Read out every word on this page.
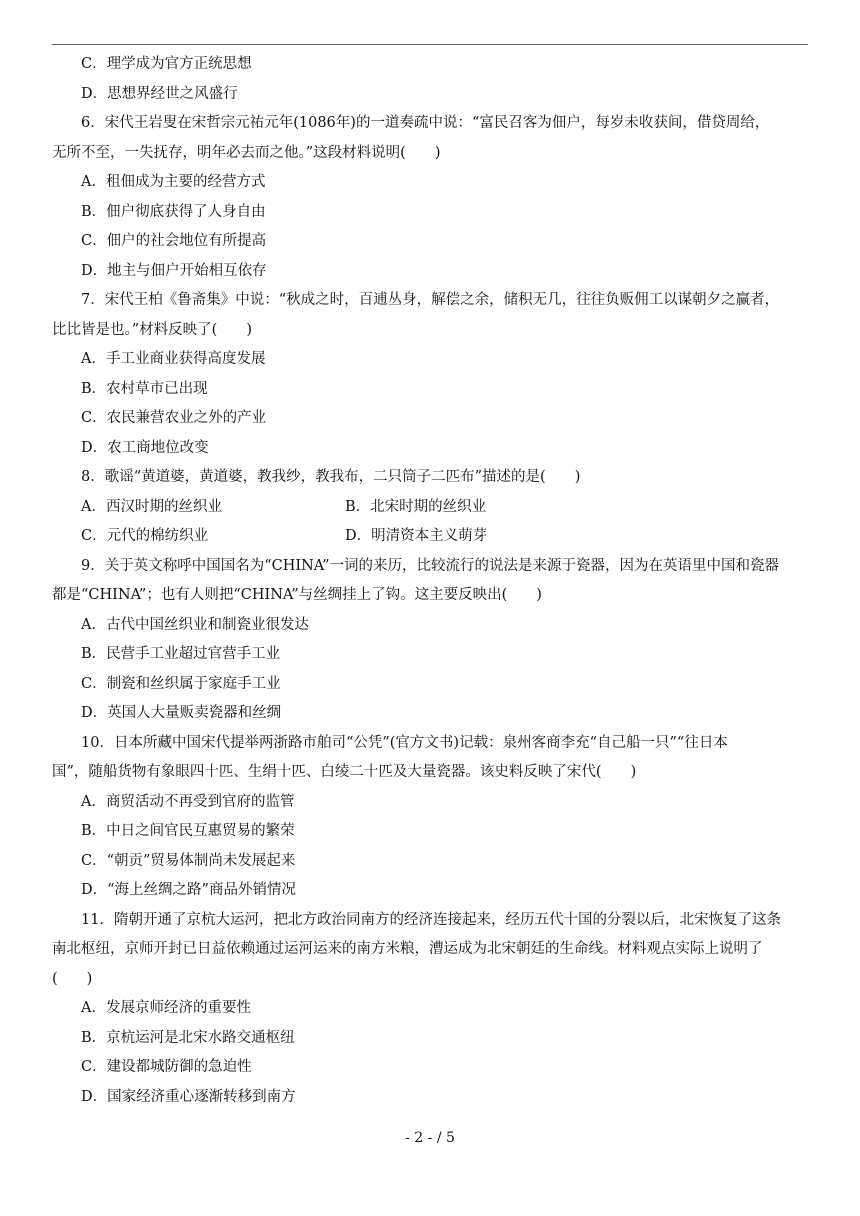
C．理学成为官方正统思想
D．思想界经世之风盛行
6．宋代王岩叟在宋哲宗元祐元年(1086年)的一道奏疏中说：“富民召客为佃户，每岁未收获间，借贷周给，
无所不至，一失抚存，明年必去而之他。”这段材料说明(　　)
A．租佃成为主要的经营方式
B．佃户彻底获得了人身自由
C．佃户的社会地位有所提高
D．地主与佃户开始相互依存
7．宋代王柏《鲁斋集》中说：“秋成之时，百逋丛身，解偿之余，储积无几，往往负贩佣工以谋朝夕之赢者，
比比皆是也。”材料反映了(　　)
A．手工业商业获得高度发展
B．农村草市已出现
C．农民兼营农业之外的产业
D．农工商地位改变
8．歌谣“黄道婆，黄道婆，教我纱，教我布，二只筒子二匹布”描述的是(　　)
A．西汉时期的丝织业	B．北宋时期的丝织业
C．元代的棉纺织业	D．明清资本主义萌芽
9．关于英文称呼中国国名为“CHINA”一词的来历，比较流行的说法是来源于瓷器，因为在英语里中国和瓷器
都是“CHINA”；也有人则把“CHINA”与丝绸挂上了钩。这主要反映出(　　)
A．古代中国丝织业和制瓷业很发达
B．民营手工业超过官营手工业
C．制瓷和丝织属于家庭手工业
D．英国人大量贩卖瓷器和丝绸
10．日本所藏中国宋代提举两浙路市舶司“公凭”(官方文书)记载：泉州客商李充“自己船一只”“往日本
国”，随船货物有象眼四十匹、生绢十匹、白绫二十匹及大量瓷器。该史料反映了宋代(　　)
A．商贸活动不再受到官府的监管
B．中日之间官民互惠贸易的繁荣
C．“朝贡”贸易体制尚未发展起来
D．“海上丝绸之路”商品外销情况
11．隋朝开通了京杭大运河，把北方政治同南方的经济连接起来，经历五代十国的分裂以后，北宋恢复了这条
南北枢纽，京师开封已日益依赖通过运河运来的南方米粮，漕运成为北宋朝廷的生命线。材料观点实际上说明了
(　　)
A．发展京师经济的重要性
B．京杭运河是北宋水路交通枢纽
C．建设都城防御的急迫性
D．国家经济重心逐渐转移到南方
- 2 - / 5
